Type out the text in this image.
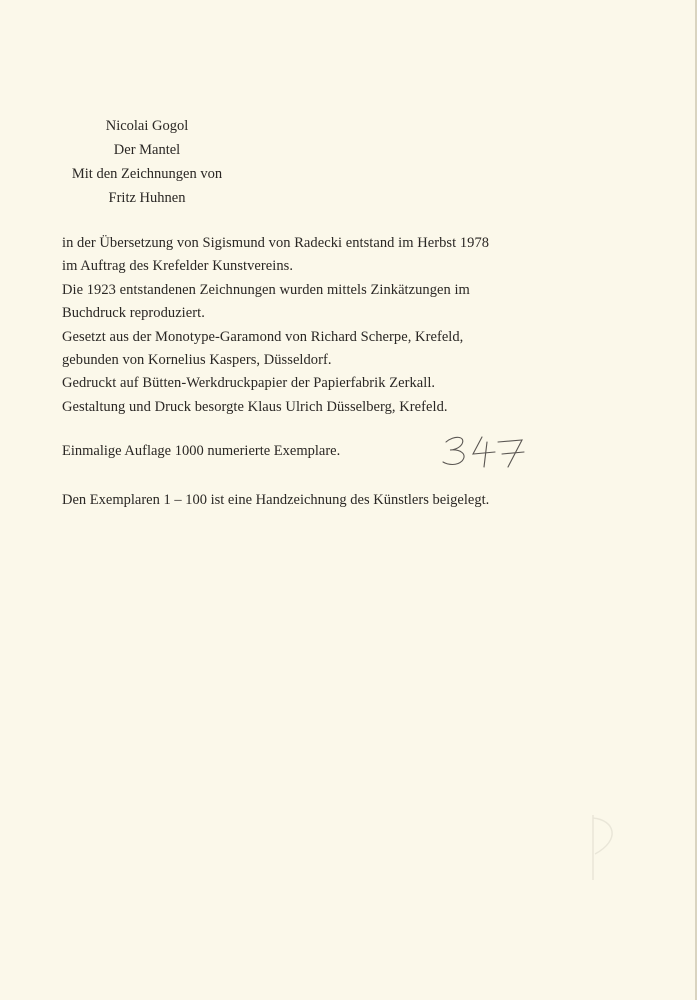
Nicolai Gogol
Der Mantel
Mit den Zeichnungen von
Fritz Huhnen
in der Übersetzung von Sigismund von Radecki entstand im Herbst 1978
im Auftrag des Krefelder Kunstvereins.
Die 1923 entstandenen Zeichnungen wurden mittels Zinkätzungen im
Buchdruck reproduziert.
Gesetzt aus der Monotype-Garamond von Richard Scherpe, Krefeld,
gebunden von Kornelius Kaspers, Düsseldorf.
Gedruckt auf Bütten-Werkdruckpapier der Papierfabrik Zerkall.
Gestaltung und Druck besorgte Klaus Ulrich Düsselberg, Krefeld.
Einmalige Auflage 1000 numerierte Exemplare.
Den Exemplaren 1 – 100 ist eine Handzeichnung des Künstlers beigelegt.
